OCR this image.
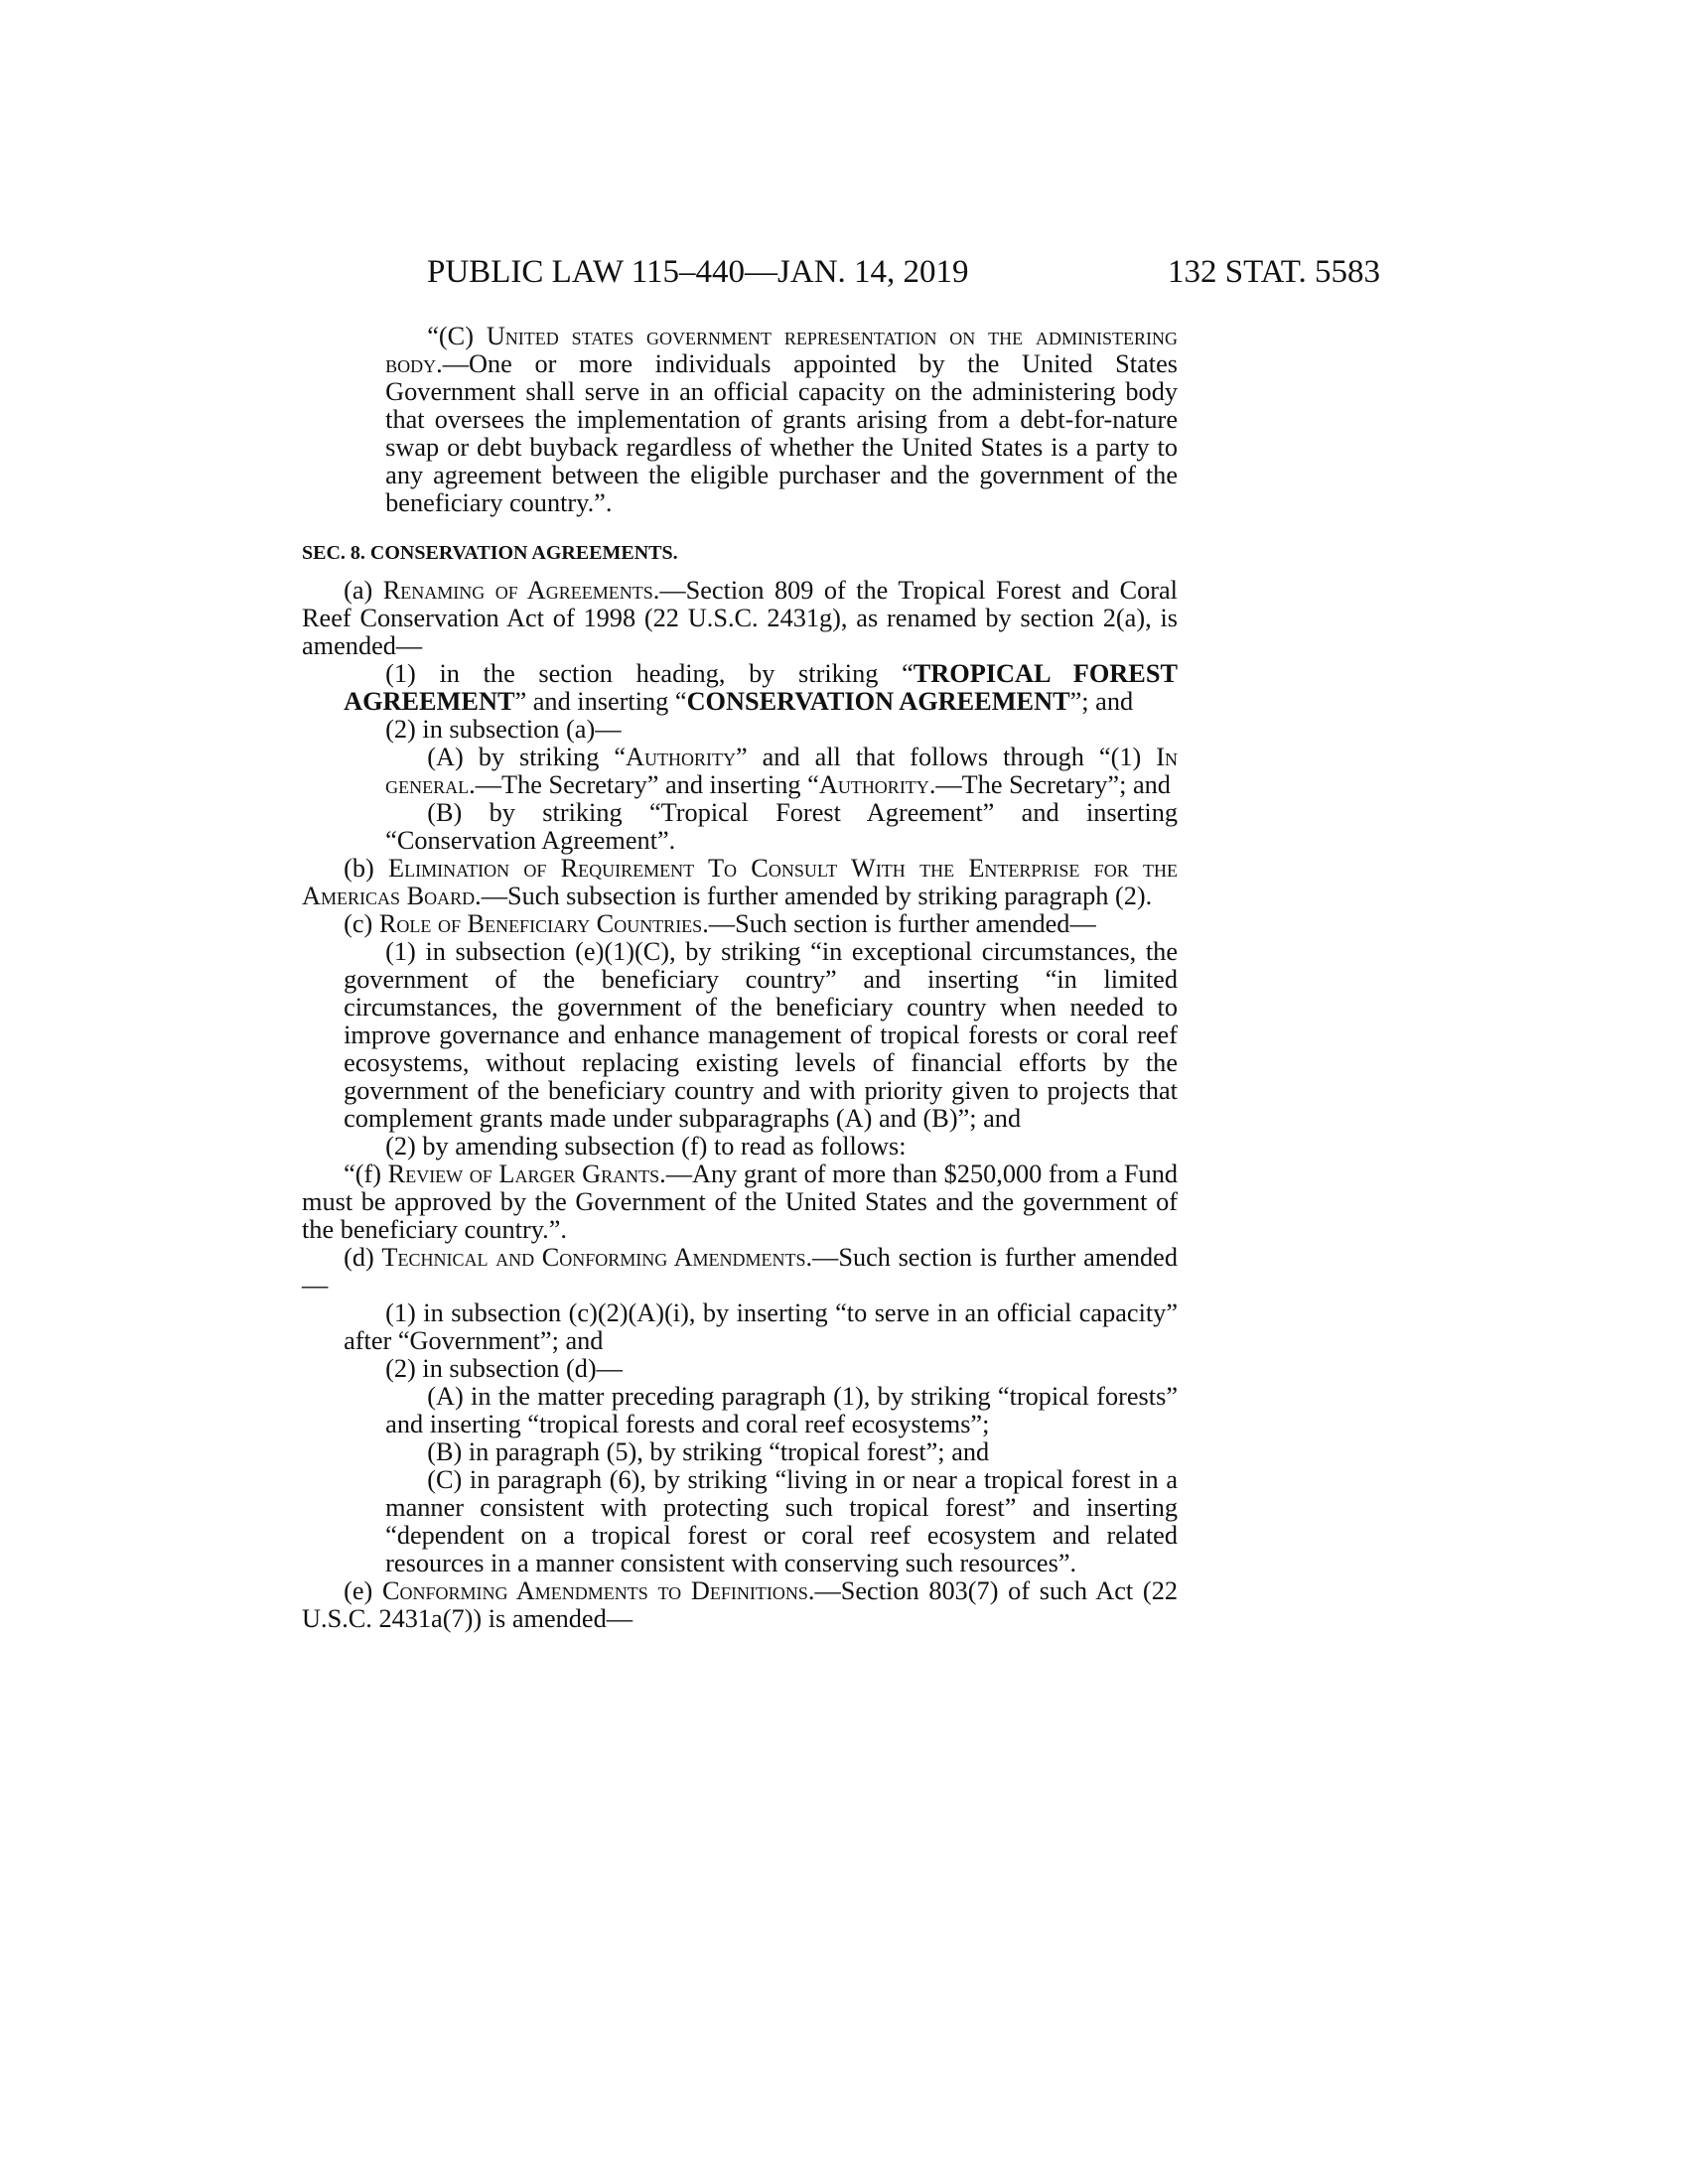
PUBLIC LAW 115–440—JAN. 14, 2019	132 STAT. 5583

“(C) United states government representation on the administering body.—One or more individuals appointed by the United States Government shall serve in an official capacity on the administering body that oversees the implementation of grants arising from a debt-for-nature swap or debt buyback regardless of whether the United States is a party to any agreement between the eligible purchaser and the government of the beneficiary country.”.

SEC. 8. CONSERVATION AGREEMENTS.

(a) Renaming of Agreements.—Section 809 of the Tropical Forest and Coral Reef Conservation Act of 1998 (22 U.S.C. 2431g), as renamed by section 2(a), is amended—

(1) in the section heading, by striking “TROPICAL FOREST AGREEMENT” and inserting “CONSERVATION AGREEMENT”; and

(2) in subsection (a)—

(A) by striking “Authority” and all that follows through “(1) In general.—The Secretary” and inserting “Authority.—The Secretary”; and

(B) by striking “Tropical Forest Agreement” and inserting “Conservation Agreement”.

(b) Elimination of Requirement To Consult With the Enterprise for the Americas Board.—Such subsection is further amended by striking paragraph (2).

(c) Role of Beneficiary Countries.—Such section is further amended—

(1) in subsection (e)(1)(C), by striking “in exceptional circumstances, the government of the beneficiary country” and inserting “in limited circumstances, the government of the beneficiary country when needed to improve governance and enhance management of tropical forests or coral reef ecosystems, without replacing existing levels of financial efforts by the government of the beneficiary country and with priority given to projects that complement grants made under subparagraphs (A) and (B)”; and

(2) by amending subsection (f) to read as follows:

“(f) Review of Larger Grants.—Any grant of more than $250,000 from a Fund must be approved by the Government of the United States and the government of the beneficiary country.”.

(d) Technical and Conforming Amendments.—Such section is further amended—

(1) in subsection (c)(2)(A)(i), by inserting “to serve in an official capacity” after “Government”; and

(2) in subsection (d)—

(A) in the matter preceding paragraph (1), by striking “tropical forests” and inserting “tropical forests and coral reef ecosystems”;

(B) in paragraph (5), by striking “tropical forest”; and

(C) in paragraph (6), by striking “living in or near a tropical forest in a manner consistent with protecting such tropical forest” and inserting “dependent on a tropical forest or coral reef ecosystem and related resources in a manner consistent with conserving such resources”.

(e) Conforming Amendments to Definitions.—Section 803(7) of such Act (22 U.S.C. 2431a(7)) is amended—
